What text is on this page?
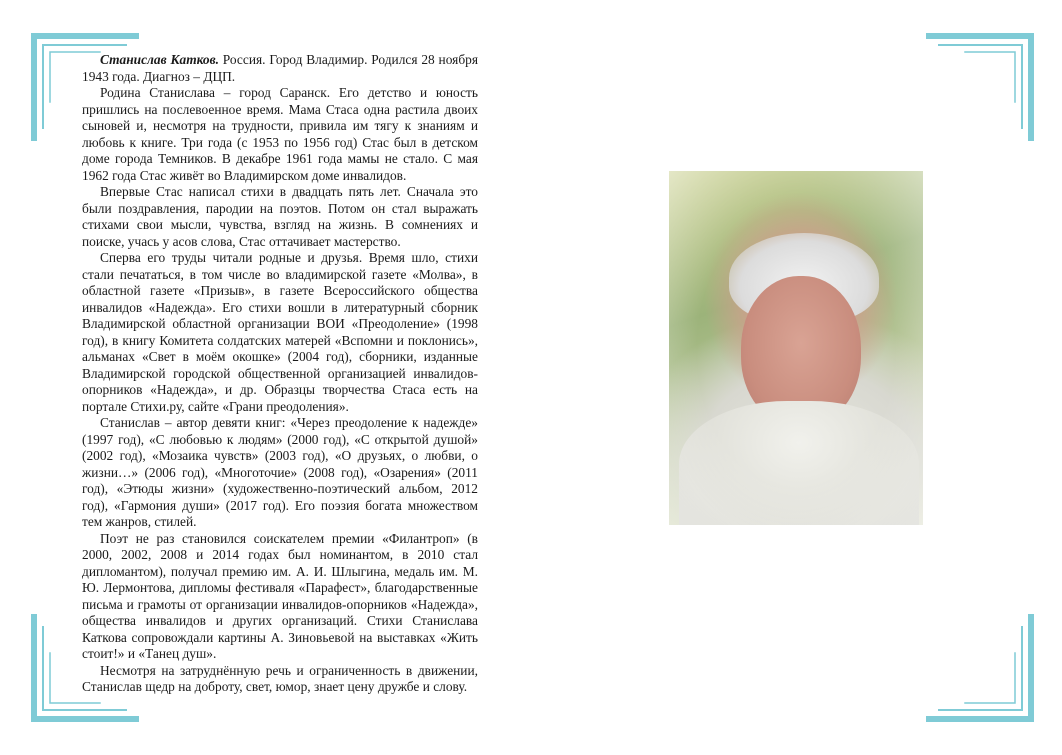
Станислав Катков. Россия. Город Владимир. Родился 28 ноября 1943 года. Диагноз – ДЦП.

Родина Станислава – город Саранск. Его детство и юность пришлись на послевоенное время. Мама Стаса одна растила двоих сыновей и, несмотря на трудности, привила им тягу к знаниям и любовь к книге. Три года (с 1953 по 1956 год) Стас был в детском доме города Темников. В декабре 1961 года мамы не стало. С мая 1962 года Стас живёт во Владимирском доме инвалидов.

Впервые Стас написал стихи в двадцать пять лет. Сначала это были поздравления, пародии на поэтов. Потом он стал выражать стихами свои мысли, чувства, взгляд на жизнь. В сомнениях и поиске, учась у асов слова, Стас оттачивает мастерство.

Сперва его труды читали родные и друзья. Время шло, стихи стали печататься, в том числе во владимирской газете «Молва», в областной газете «Призыв», в газете Всероссийского общества инвалидов «Надежда». Его стихи вошли в литературный сборник Владимирской областной организации ВОИ «Преодоление» (1998 год), в книгу Комитета солдатских матерей «Вспомни и поклонись», альманах «Свет в моём окошке» (2004 год), сборники, изданные Владимирской городской общественной организацией инвалидов-опорников «Надежда», и др. Образцы творчества Стаса есть на портале Стихи.ру, сайте «Грани преодоления».

Станислав – автор девяти книг: «Через преодоление к надежде» (1997 год), «С любовью к людям» (2000 год), «С открытой душой» (2002 год), «Мозаика чувств» (2003 год), «О друзьях, о любви, о жизни…» (2006 год), «Многоточие» (2008 год), «Озарения» (2011 год), «Этюды жизни» (художественно-поэтический альбом, 2012 год), «Гармония души» (2017 год). Его поэзия богата множеством тем жанров, стилей.

Поэт не раз становился соискателем премии «Филантроп» (в 2000, 2002, 2008 и 2014 годах был номинантом, в 2010 стал дипломантом), получал премию им. А. И. Шлыгина, медаль им. М. Ю. Лермонтова, дипломы фестиваля «Парафест», благодарственные письма и грамоты от организации инвалидов-опорников «Надежда», общества инвалидов и других организаций. Стихи Станислава Каткова сопровождали картины А. Зиновьевой на выставках «Жить стоит!» и «Танец душ».

Несмотря на затруднённую речь и ограниченность в движении, Станислав щедр на доброту, свет, юмор, знает цену дружбе и слову.
